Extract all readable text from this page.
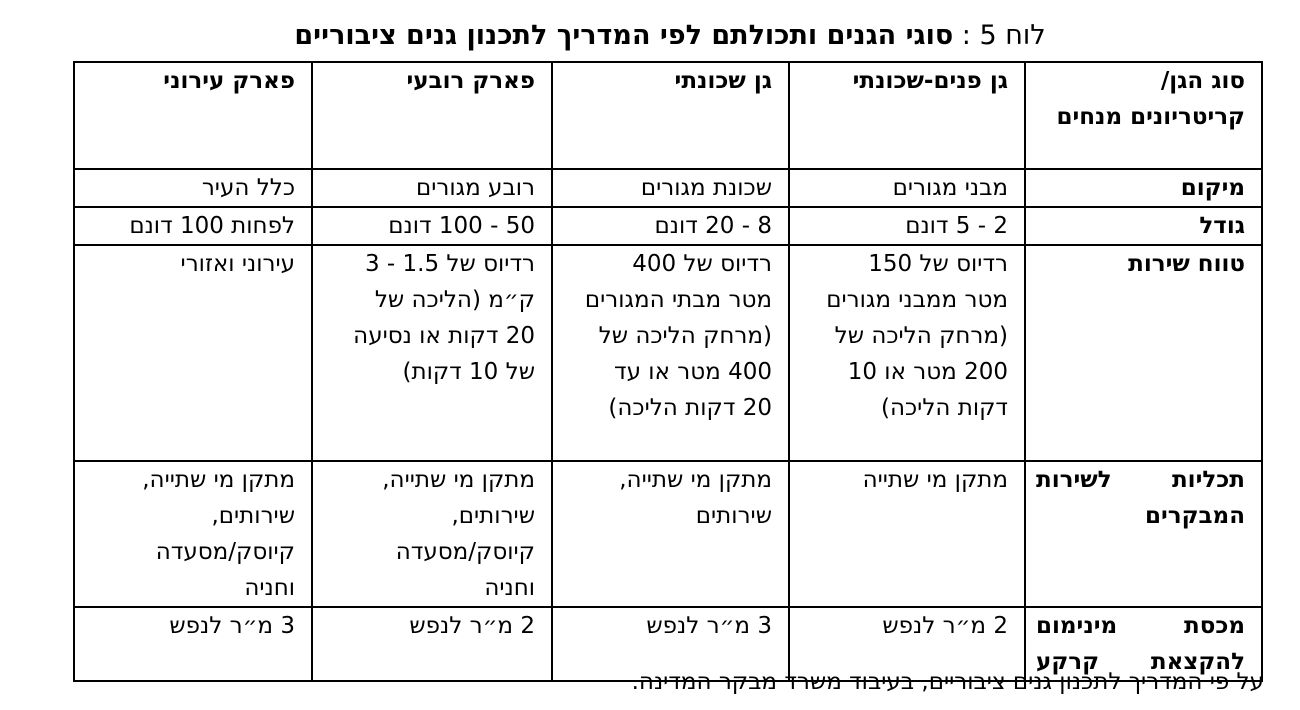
לוח 5 : סוגי הגנים ותכולתם לפי המדריך לתכנון גנים ציבוריים
סוג הגן/ קריטריונים מנחים	גן פנים-שכונתי	גן שכונתי	פארק רובעי	פארק עירוני
מיקום	מבני מגורים	שכונת מגורים	רובע מגורים	כלל העיר
גודל	2 - 5 דונם	8 - 20 דונם	50 - 100 דונם	לפחות 100 דונם
טווח שירות	רדיוס של 150 מטר ממבני מגורים (מרחק הליכה של 200 מטר או 10 דקות הליכה)	רדיוס של 400 מטר מבתי המגורים (מרחק הליכה של 400 מטר או עד 20 דקות הליכה)	רדיוס של 1.5 - 3 ק״מ (הליכה של 20 דקות או נסיעה של 10 דקות)	עירוני ואזורי
תכליות לשירות המבקרים	מתקן מי שתייה	מתקן מי שתייה, שירותים	מתקן מי שתייה, שירותים, קיוסק/מסעדה וחניה	מתקן מי שתייה, שירותים, קיוסק/מסעדה וחניה
מכסת מינימום להקצאת קרקע	2 מ״ר לנפש	3 מ״ר לנפש	2 מ״ר לנפש	3 מ״ר לנפש
על פי המדריך לתכנון גנים ציבוריים, בעיבוד משרד מבקר המדינה.
